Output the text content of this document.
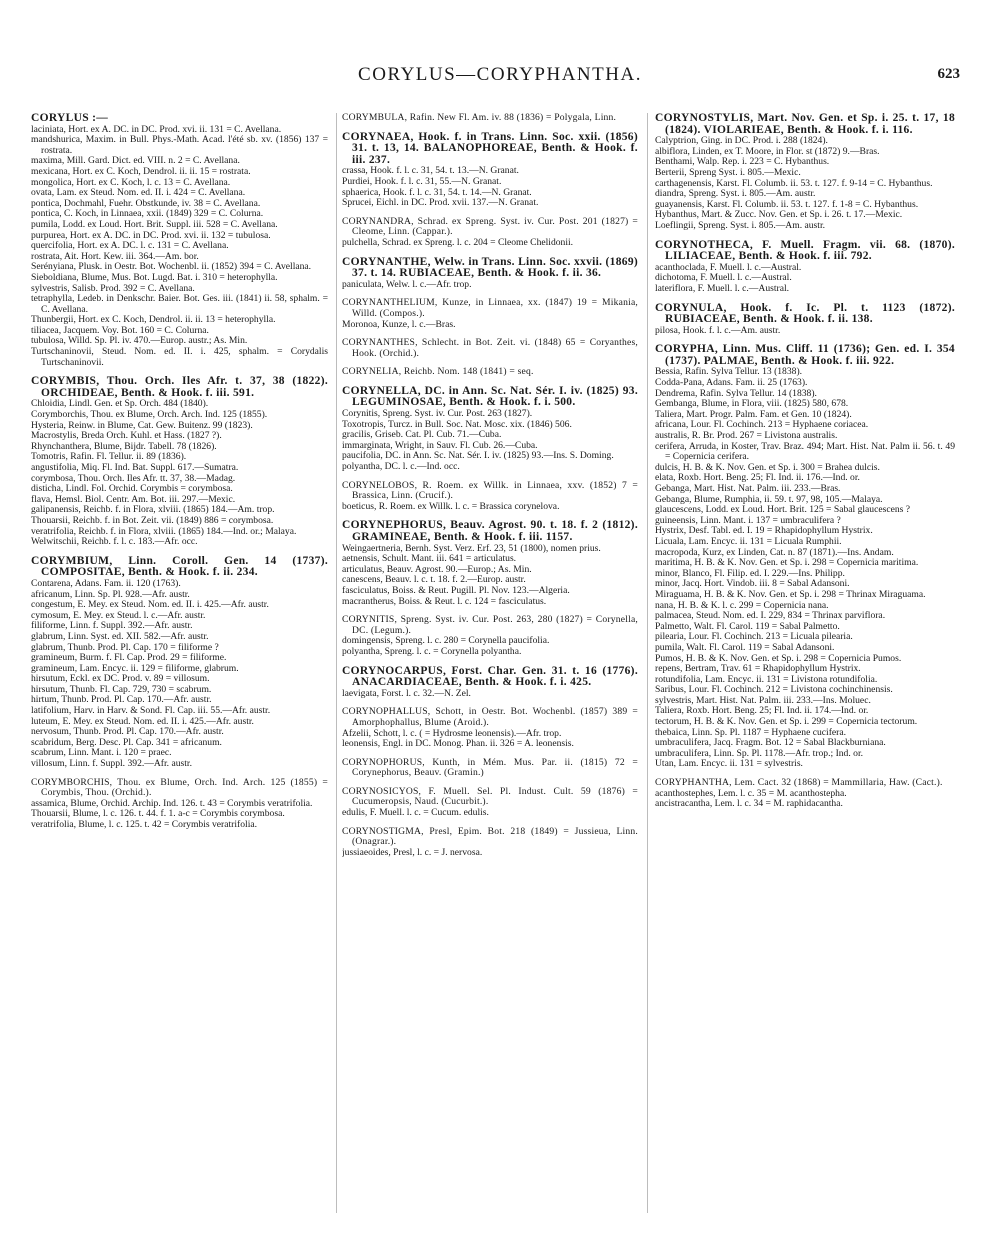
CORYLUS—CORYPHANTHA.	623

CORYLUS :—

laciniata, Hort. ex A. DC. in DC. Prod. xvi. ii. 131 = C. Avellana.

mandshurica, Maxim. in Bull. Phys.-Math. Acad. l'été sb. xv. (1856) 137 = rostrata.

maxima, Mill. Gard. Dict. ed. VIII. n. 2 = C. Avellana.

mexicana, Hort. ex C. Koch, Dendrol. ii. ii. 15 = rostrata.

mongolica, Hort. ex C. Koch, l. c. 13 = C. Avellana.

ovata, Lam. ex Steud. Nom. ed. II. i. 424 = C. Avellana.

pontica, Dochmahl, Fuehr. Obstkunde, iv. 38 = C. Avellana.

pontica, C. Koch, in Linnaea, xxii. (1849) 329 = C. Colurna.

pumila, Lodd. ex Loud. Hort. Brit. Suppl. iii. 528 = C. Avellana.

purpurea, Hort. ex A. DC. in DC. Prod. xvi. ii. 132 = tubulosa.

quercifolia, Hort. ex A. DC. l. c. 131 = C. Avellana.

rostrata, Ait. Hort. Kew. iii. 364.—Am. bor.

Serényiana, Plusk. in Oestr. Bot. Wochenbl. ii. (1852) 394 = C. Avellana.

Sieboldiana, Blume, Mus. Bot. Lugd. Bat. i. 310 = heterophylla.

sylvestris, Salisb. Prod. 392 = C. Avellana.

tetraphylla, Ledeb. in Denkschr. Baier. Bot. Ges. iii. (1841) ii. 58, sphalm. = C. Avellana.

Thunbergii, Hort. ex C. Koch, Dendrol. ii. ii. 13 = heterophylla.

tiliacea, Jacquem. Voy. Bot. 160 = C. Colurna.

tubulosa, Willd. Sp. Pl. iv. 470.—Europ. austr.; As. Min.

Turtschaninovii, Steud. Nom. ed. II. i. 425, sphalm. = Corydalis Turtschaninovii.

CORYMBIS, Thou. Orch. Iles Afr. t. 37, 38 (1822). ORCHIDEAE, Benth. & Hook. f. iii. 591.

Chloidia, Lindl. Gen. et Sp. Orch. 484 (1840).

Corymborchis, Thou. ex Blume, Orch. Arch. Ind. 125 (1855).

Hysteria, Reinw. in Blume, Cat. Gew. Buitenz. 99 (1823).

Macrostylis, Breda Orch. Kuhl. et Hass. (1827 ?).

Rhynchanthera, Blume, Bijdr. Tabell. 78 (1826).

Tomotris, Rafin. Fl. Tellur. ii. 89 (1836).

angustifolia, Miq. Fl. Ind. Bat. Suppl. 617.—Sumatra.

corymbosa, Thou. Orch. Iles Afr. tt. 37, 38.—Madag.

disticha, Lindl. Fol. Orchid. Corymbis = corymbosa.

flava, Hemsl. Biol. Centr. Am. Bot. iii. 297.—Mexic.

galipanensis, Reichb. f. in Flora, xlviii. (1865) 184.—Am. trop.

Thouarsii, Reichb. f. in Bot. Zeit. vii. (1849) 886 = corymbosa.

veratrifolia, Reichb. f. in Flora, xlviii. (1865) 184.—Ind. or.; Malaya.

Welwitschii, Reichb. f. l. c. 183.—Afr. occ.

CORYMBIUM, Linn. Coroll. Gen. 14 (1737). COMPOSITAE, Benth. & Hook. f. ii. 234.

Contarena, Adans. Fam. ii. 120 (1763).

africanum, Linn. Sp. Pl. 928.—Afr. austr.

congestum, E. Mey. ex Steud. Nom. ed. II. i. 425.—Afr. austr.

cymosum, E. Mey. ex Steud. l. c.—Afr. austr.

filiforme, Linn. f. Suppl. 392.—Afr. austr.

glabrum, Linn. Syst. ed. XII. 582.—Afr. austr.

glabrum, Thunb. Prod. Pl. Cap. 170 = filiforme ?

gramineum, Burm. f. Fl. Cap. Prod. 29 = filiforme.

gramineum, Lam. Encyc. ii. 129 = filiforme, glabrum.

hirsutum, Eckl. ex DC. Prod. v. 89 = villosum.

hirsutum, Thunb. Fl. Cap. 729, 730 = scabrum.

hirtum, Thunb. Prod. Pl. Cap. 170.—Afr. austr.

latifolium, Harv. in Harv. & Sond. Fl. Cap. iii. 55.—Afr. austr.

luteum, E. Mey. ex Steud. Nom. ed. II. i. 425.—Afr. austr.

nervosum, Thunb. Prod. Pl. Cap. 170.—Afr. austr.

scabridum, Berg. Desc. Pl. Cap. 341 = africanum.

scabrum, Linn. Mant. i. 120 = praec.

villosum, Linn. f. Suppl. 392.—Afr. austr.

CORYMBORCHIS, Thou. ex Blume, Orch. Ind. Arch. 125 (1855) = Corymbis, Thou. (Orchid.).

assamica, Blume, Orchid. Archip. Ind. 126. t. 43 = Corymbis veratrifolia.

Thouarsii, Blume, l. c. 126. t. 44. f. 1. a-c = Corymbis corymbosa.

veratrifolia, Blume, l. c. 125. t. 42 = Corymbis veratrifolia.

CORYMBULA, Rafin. New Fl. Am. iv. 88 (1836) = Polygala, Linn.

CORYNAEA, Hook. f. in Trans. Linn. Soc. xxii. (1856) 31. t. 13, 14. BALANOPHOREAE, Benth. & Hook. f. iii. 237.

crassa, Hook. f. l. c. 31, 54. t. 13.—N. Granat.

Purdiei, Hook. f. l. c. 31, 55.—N. Granat.

sphaerica, Hook. f. l. c. 31, 54. t. 14.—N. Granat.

Sprucei, Eichl. in DC. Prod. xvii. 137.—N. Granat.

CORYNANDRA, Schrad. ex Spreng. Syst. iv. Cur. Post. 201 (1827) = Cleome, Linn. (Cappar.).

pulchella, Schrad. ex Spreng. l. c. 204 = Cleome Chelidonii.

CORYNANTHE, Welw. in Trans. Linn. Soc. xxvii. (1869) 37. t. 14. RUBIACEAE, Benth. & Hook. f. ii. 36.

paniculata, Welw. l. c.—Afr. trop.

CORYNANTHELIUM, Kunze, in Linnaea, xx. (1847) 19 = Mikania, Willd. (Compos.).

Moronoa, Kunze, l. c.—Bras.

CORYNANTHES, Schlecht. in Bot. Zeit. vi. (1848) 65 = Coryanthes, Hook. (Orchid.).

CORYNELIA, Reichb. Nom. 148 (1841) = seq.

CORYNELLA, DC. in Ann. Sc. Nat. Sér. I. iv. (1825) 93. LEGUMINOSAE, Benth. & Hook. f. i. 500.

Corynitis, Spreng. Syst. iv. Cur. Post. 263 (1827).

Toxotropis, Turcz. in Bull. Soc. Nat. Mosc. xix. (1846) 506.

gracilis, Griseb. Cat. Pl. Cub. 71.—Cuba.

immarginata, Wright, in Sauv. Fl. Cub. 26.—Cuba.

paucifolia, DC. in Ann. Sc. Nat. Sér. I. iv. (1825) 93.—Ins. S. Doming.

polyantha, DC. l. c.—Ind. occ.

CORYNELOBOS, R. Roem. ex Willk. in Linnaea, xxv. (1852) 7 = Brassica, Linn. (Crucif.).

boeticus, R. Roem. ex Willk. l. c. = Brassica corynelova.

CORYNEPHORUS, Beauv. Agrost. 90. t. 18. f. 2 (1812). GRAMINEAE, Benth. & Hook. f. iii. 1157.

Weingaertneria, Bernh. Syst. Verz. Erf. 23, 51 (1800), nomen prius.

aetnensis, Schult. Mant. iii. 641 = articulatus.

articulatus, Beauv. Agrost. 90.—Europ.; As. Min.

canescens, Beauv. l. c. t. 18. f. 2.—Europ. austr.

fasciculatus, Boiss. & Reut. Pugill. Pl. Nov. 123.—Algeria.

macrantherus, Boiss. & Reut. l. c. 124 = fasciculatus.

CORYNITIS, Spreng. Syst. iv. Cur. Post. 263, 280 (1827) = Corynella, DC. (Legum.).

domingensis, Spreng. l. c. 280 = Corynella paucifolia.

polyantha, Spreng. l. c. = Corynella polyantha.

CORYNOCARPUS, Forst. Char. Gen. 31. t. 16 (1776). ANACARDIACEAE, Benth. & Hook. f. i. 425.

laevigata, Forst. l. c. 32.—N. Zel.

CORYNOPHALLUS, Schott, in Oestr. Bot. Wochenbl. (1857) 389 = Amorphophallus, Blume (Aroid.).

Afzelii, Schott, l. c. ( = Hydrosme leonensis).—Afr. trop.

leonensis, Engl. in DC. Monog. Phan. ii. 326 = A. leonensis.

CORYNOPHORUS, Kunth, in Mém. Mus. Par. ii. (1815) 72 = Corynephorus, Beauv. (Gramin.)

CORYNOSICYOS, F. Muell. Sel. Pl. Indust. Cult. 59 (1876) = Cucumeropsis, Naud. (Cucurbit.).

edulis, F. Muell. l. c. = Cucum. edulis.

CORYNOSTIGMA, Presl, Epim. Bot. 218 (1849) = Jussieua, Linn. (Onagrar.).

jussiaeoides, Presl, l. c. = J. nervosa.

CORYNOSTYLIS, Mart. Nov. Gen. et Sp. i. 25. t. 17, 18 (1824). VIOLARIEAE, Benth. & Hook. f. i. 116.

Calyptrion, Ging. in DC. Prod. i. 288 (1824).

albiflora, Linden, ex T. Moore, in Flor. st (1872) 9.—Bras.

Benthami, Walp. Rep. i. 223 = C. Hybanthus.

Berterii, Spreng Syst. i. 805.—Mexic.

carthagenensis, Karst. Fl. Columb. ii. 53. t. 127. f. 9-14 = C. Hybanthus.

diandra, Spreng. Syst. i. 805.—Am. austr.

guayanensis, Karst. Fl. Columb. ii. 53. t. 127. f. 1-8 = C. Hybanthus.

Hybanthus, Mart. & Zucc. Nov. Gen. et Sp. i. 26. t. 17.—Mexic.

Loeflingii, Spreng. Syst. i. 805.—Am. austr.

CORYNOTHECA, F. Muell. Fragm. vii. 68. (1870). LILIACEAE, Benth. & Hook. f. iii. 792.

acanthoclada, F. Muell. l. c.—Austral.

dichotoma, F. Muell. l. c.—Austral.

lateriflora, F. Muell. l. c.—Austral.

CORYNULA, Hook. f. Ic. Pl. t. 1123 (1872). RUBIACEAE, Benth. & Hook. f. ii. 138.

pilosa, Hook. f. l. c.—Am. austr.

CORYPHA, Linn. Mus. Cliff. 11 (1736); Gen. ed. I. 354 (1737). PALMAE, Benth. & Hook. f. iii. 922.

Bessia, Rafin. Sylva Tellur. 13 (1838).

Codda-Pana, Adans. Fam. ii. 25 (1763).

Dendrema, Rafin. Sylva Tellur. 14 (1838).

Gembanga, Blume, in Flora, viii. (1825) 580, 678.

Taliera, Mart. Progr. Palm. Fam. et Gen. 10 (1824).

africana, Lour. Fl. Cochinch. 213 = Hyphaene coriacea.

australis, R. Br. Prod. 267 = Livistona australis.

cerifera, Arruda, in Koster, Trav. Braz. 494; Mart. Hist. Nat. Palm ii. 56. t. 49 = Copernicia cerifera.

dulcis, H. B. & K. Nov. Gen. et Sp. i. 300 = Brahea dulcis.

elata, Roxb. Hort. Beng. 25; Fl. Ind. ii. 176.—Ind. or.

Gebanga, Mart. Hist. Nat. Palm. iii. 233.—Bras.

Gebanga, Blume, Rumphia, ii. 59. t. 97, 98, 105.—Malaya.

glaucescens, Lodd. ex Loud. Hort. Brit. 125 = Sabal glaucescens ?

guineensis, Linn. Mant. i. 137 = umbraculifera ?

Hystrix, Desf. Tabl. ed. I. 19 = Rhapidophyllum Hystrix.

Licuala, Lam. Encyc. ii. 131 = Licuala Rumphii.

macropoda, Kurz, ex Linden, Cat. n. 87 (1871).—Ins. Andam.

maritima, H. B. & K. Nov. Gen. et Sp. i. 298 = Copernicia maritima.

minor, Blanco, Fl. Filip. ed. I. 229.—Ins. Philipp.

minor, Jacq. Hort. Vindob. iii. 8 = Sabal Adansoni.

Miraguama, H. B. & K. Nov. Gen. et Sp. i. 298 = Thrinax Miraguama.

nana, H. B. & K. l. c. 299 = Copernicia nana.

palmacea, Steud. Nom. ed. I. 229, 834 = Thrinax parviflora.

Palmetto, Walt. Fl. Carol. 119 = Sabal Palmetto.

pilearia, Lour. Fl. Cochinch. 213 = Licuala pilearia.

pumila, Walt. Fl. Carol. 119 = Sabal Adansoni.

Pumos, H. B. & K. Nov. Gen. et Sp. i. 298 = Copernicia Pumos.

repens, Bertram, Trav. 61 = Rhapidophyllum Hystrix.

rotundifolia, Lam. Encyc. ii. 131 = Livistona rotundifolia.

Saribus, Lour. Fl. Cochinch. 212 = Livistona cochinchinensis.

sylvestris, Mart. Hist. Nat. Palm. iii. 233.—Ins. Moluec.

Taliera, Roxb. Hort. Beng. 25; Fl. Ind. ii. 174.—Ind. or.

tectorum, H. B. & K. Nov. Gen. et Sp. i. 299 = Copernicia tectorum.

thebaica, Linn. Sp. Pl. 1187 = Hyphaene cucifera.

umbraculifera, Jacq. Fragm. Bot. 12 = Sabal Blackburniana.

umbraculifera, Linn. Sp. Pl. 1178.—Afr. trop.; Ind. or.

Utan, Lam. Encyc. ii. 131 = sylvestris.

CORYPHANTHA, Lem. Cact. 32 (1868) = Mammillaria, Haw. (Cact.).

acanthostephes, Lem. l. c. 35 = M. acanthostepha.

ancistracantha, Lem. l. c. 34 = M. raphidacantha.
